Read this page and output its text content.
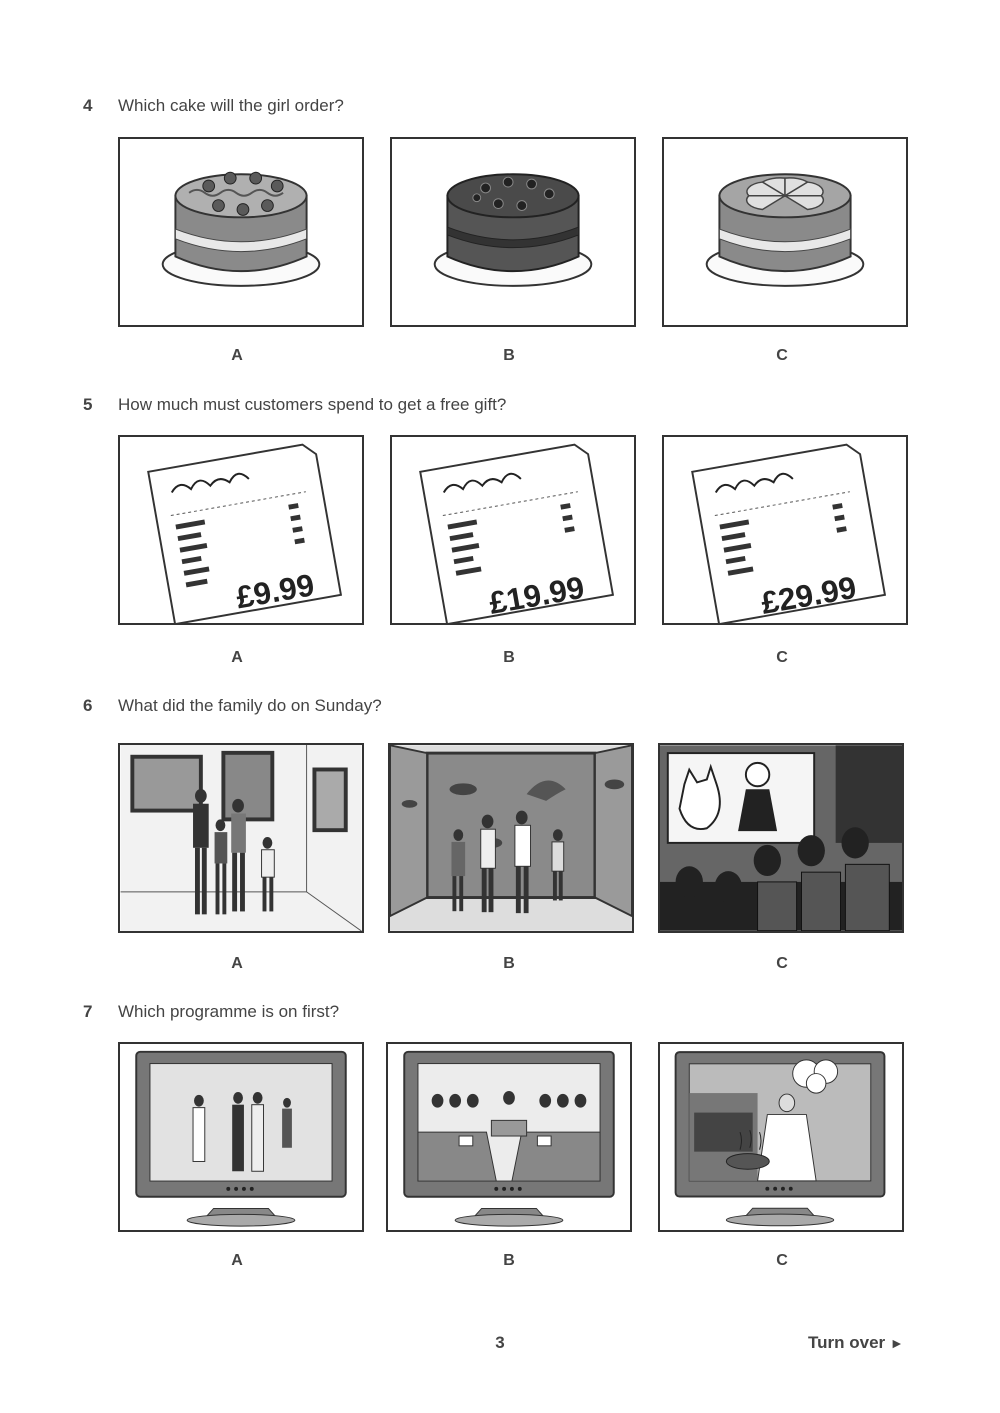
4 Which cake will the girl order?
A	B	C
5 How much must customers spend to get a free gift?
£9.99	£19.99	£29.99
A	B	C
6 What did the family do on Sunday?
A	B	C
7 Which programme is on first?
A	B	C
3	Turn over ►
